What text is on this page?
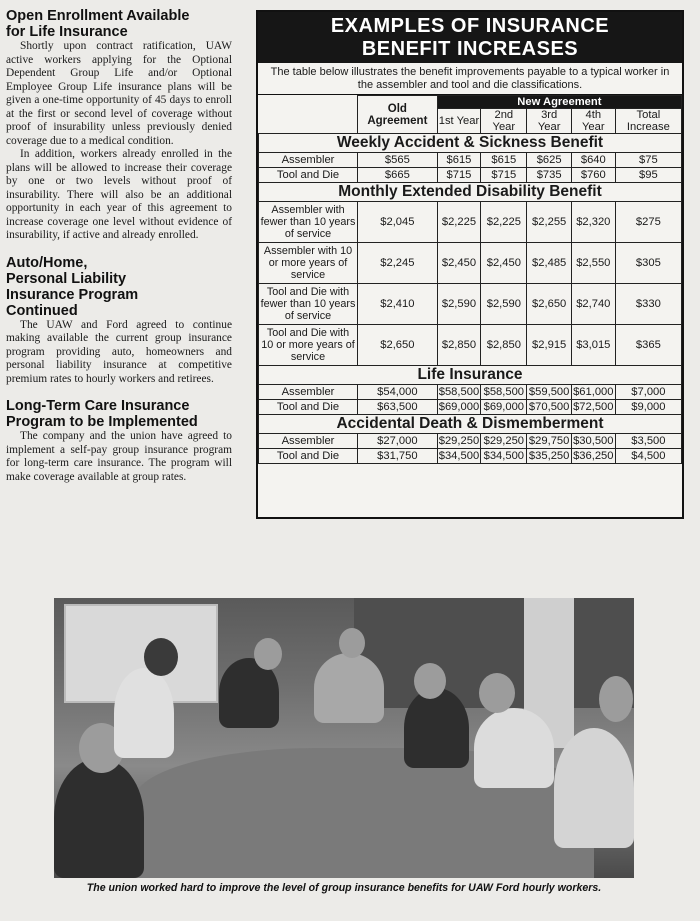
Open Enrollment Available
for Life Insurance

Shortly upon contract ratification, UAW active workers applying for the Optional Dependent Group Life and/or Optional Employee Group Life insurance plans will be given a one-time opportunity of 45 days to enroll at the first or second level of coverage without proof of insurability unless previously denied coverage due to a medical condition.

In addition, workers already enrolled in the plans will be allowed to increase their coverage by one or two levels without proof of insurability. There will also be an additional opportunity in each year of this agreement to increase coverage one level without evidence of insurability, if active and already enrolled.

Auto/Home,
Personal Liability
Insurance Program
Continued

The UAW and Ford agreed to continue making available the current group insurance program providing auto, homeowners and personal liability insurance at competitive premium rates to hourly workers and retirees.

Long-Term Care Insurance
Program to be Implemented

The company and the union have agreed to implement a self-pay group insurance program for long-term care insurance. The program will make coverage available at group rates.

EXAMPLES OF INSURANCE
BENEFIT INCREASES
The table below illustrates the benefit improvements payable to a typical worker in the assembler and tool and die classifications.
	Old Agreement	New Agreement				
		1st Year	2nd Year	3rd Year	4th Year	Total Increase
Weekly Accident & Sickness Benefit						
Assembler	$565	$615	$615	$625	$640	$75
Tool and Die	$665	$715	$715	$735	$760	$95
Monthly Extended Disability Benefit						
Assembler with fewer than 10 years of service	$2,045	$2,225	$2,225	$2,255	$2,320	$275
Assembler with 10 or more years of service	$2,245	$2,450	$2,450	$2,485	$2,550	$305
Tool and Die with fewer than 10 years of service	$2,410	$2,590	$2,590	$2,650	$2,740	$330
Tool and Die with 10 or more years of service	$2,650	$2,850	$2,850	$2,915	$3,015	$365
Life Insurance						
Assembler	$54,000	$58,500	$58,500	$59,500	$61,000	$7,000
Tool and Die	$63,500	$69,000	$69,000	$70,500	$72,500	$9,000
Accidental Death & Dismemberment						
Assembler	$27,000	$29,250	$29,250	$29,750	$30,500	$3,500
Tool and Die	$31,750	$34,500	$34,500	$35,250	$36,250	$4,500
The union worked hard to improve the level of group insurance benefits for UAW Ford hourly workers.
